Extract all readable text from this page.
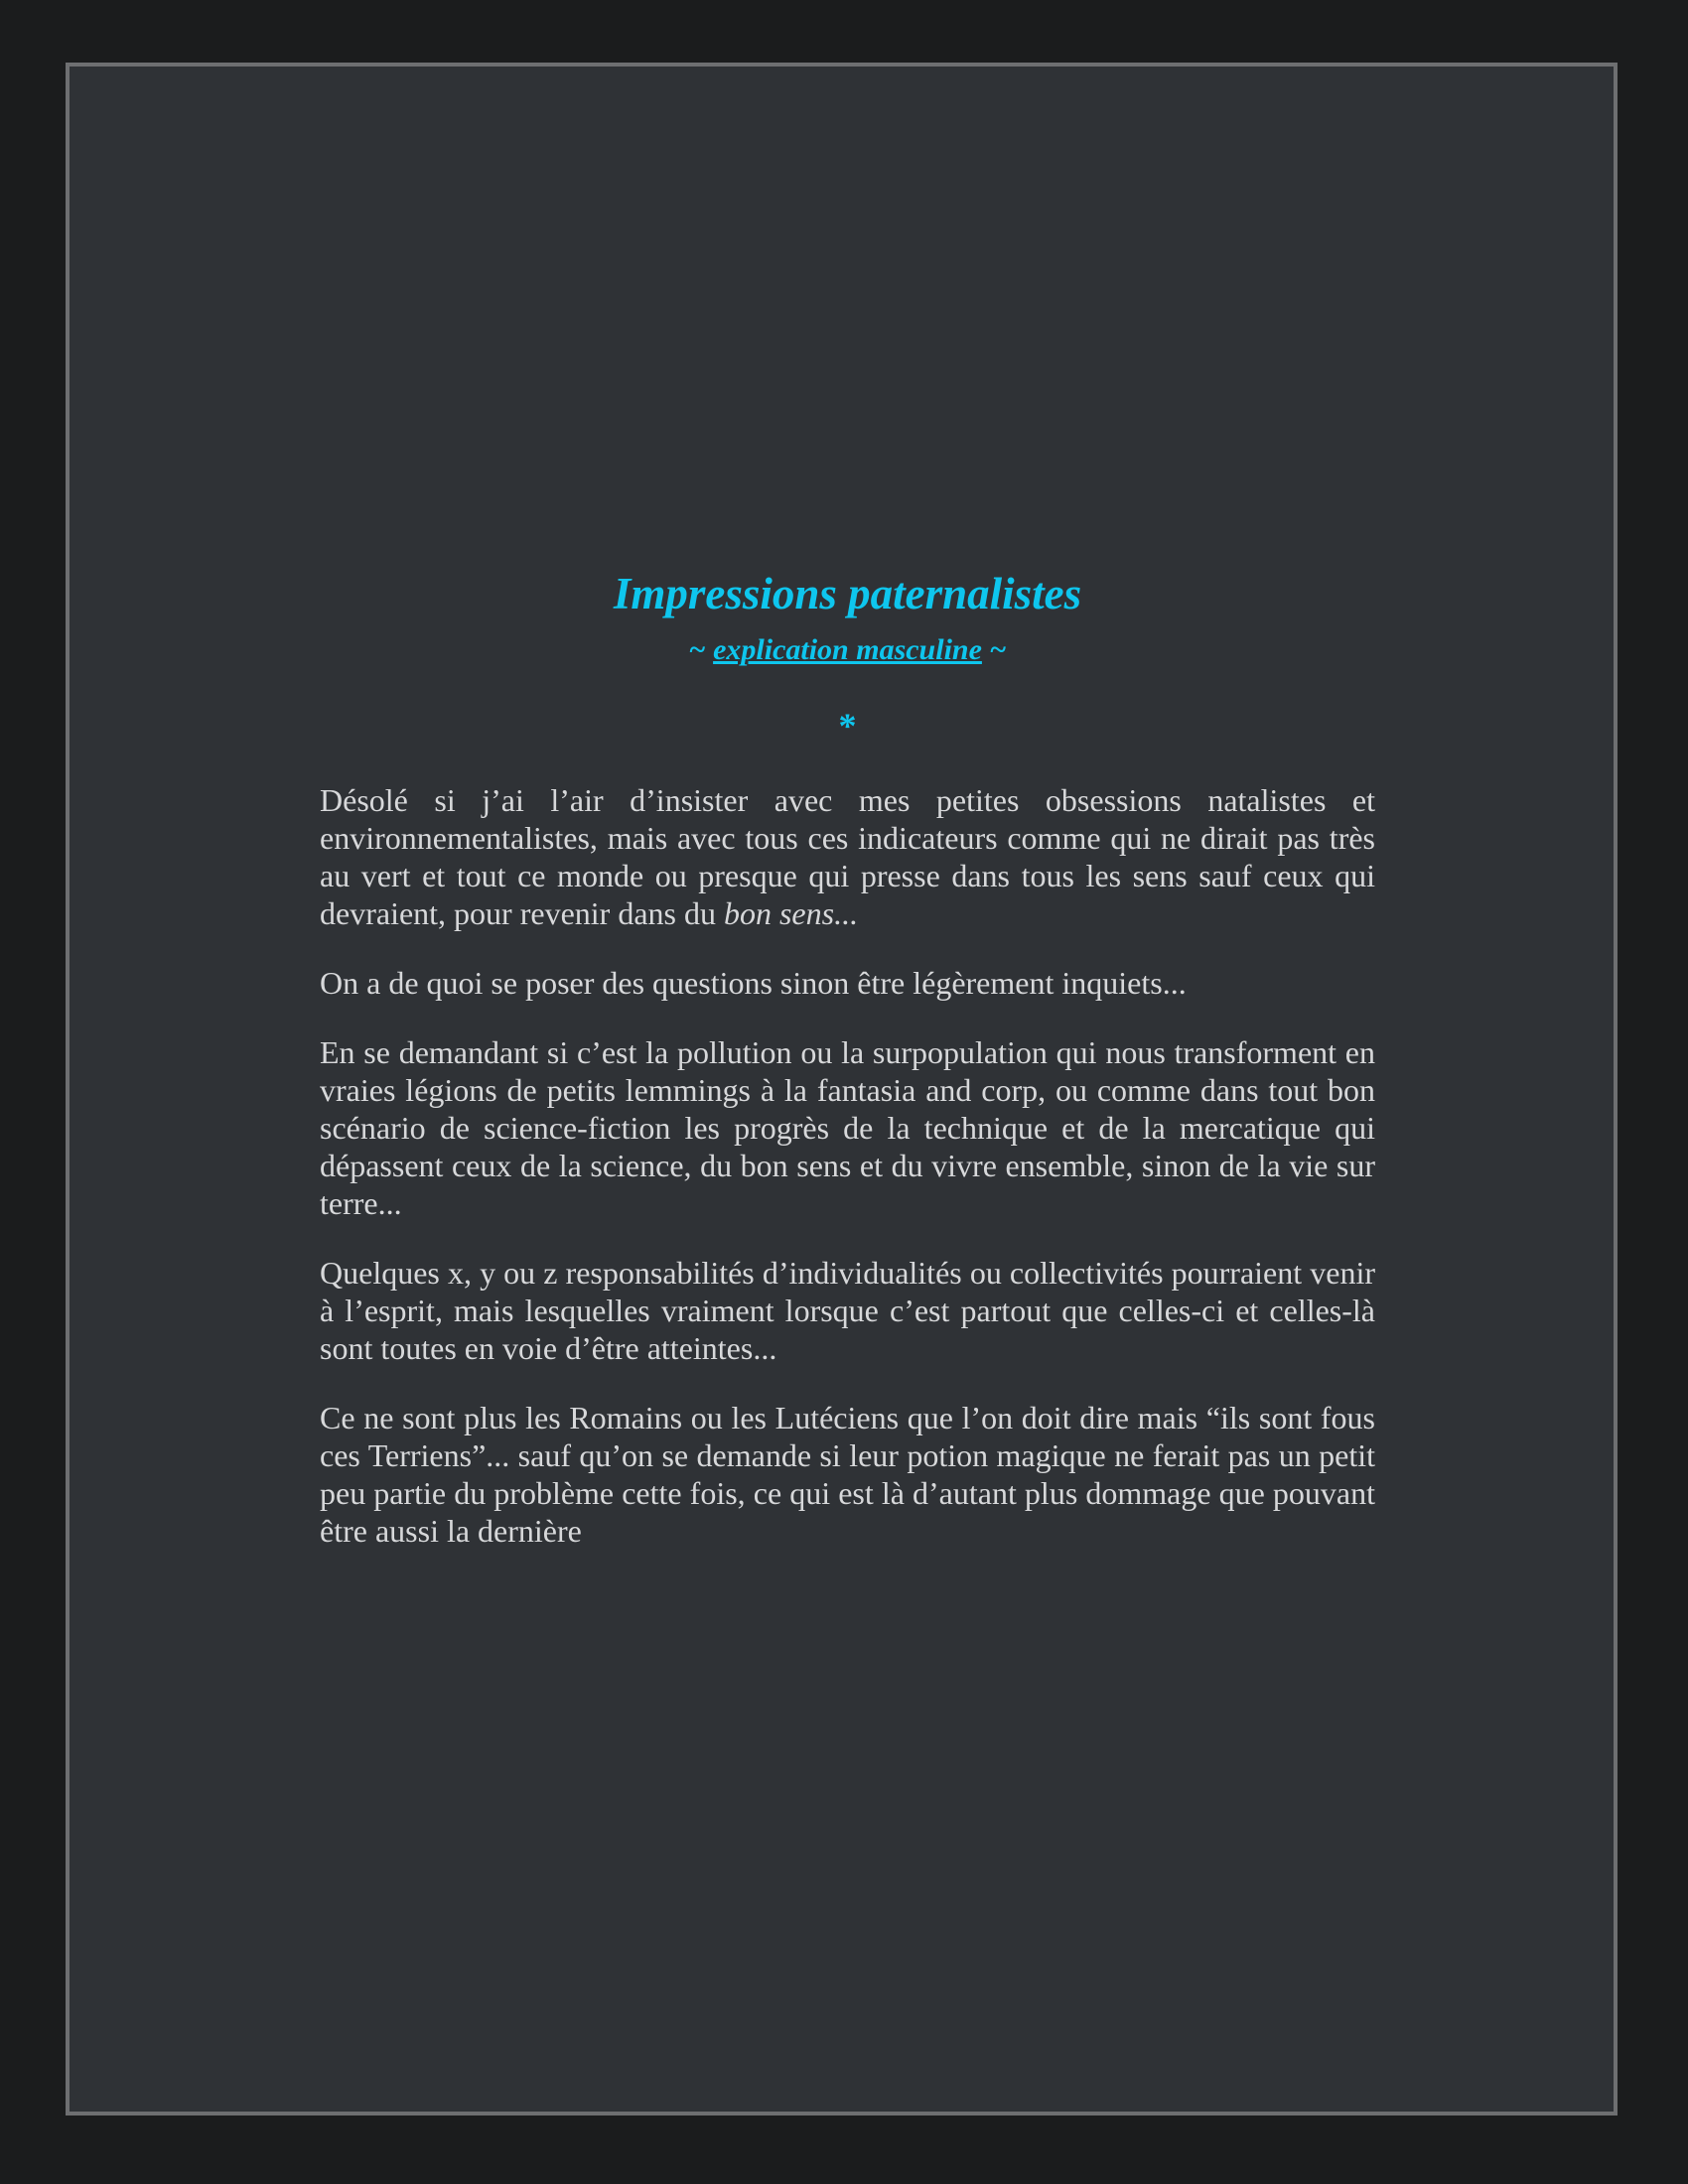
Impressions paternalistes
~ explication masculine ~
*

Désolé si j’ai l’air d’insister avec mes petites obsessions natalistes et environnementalistes, mais avec tous ces indicateurs comme qui ne dirait pas très au vert et tout ce monde ou presque qui presse dans tous les sens sauf ceux qui devraient, pour revenir dans du bon sens...

On a de quoi se poser des questions sinon être légèrement inquiets...

En se demandant si c’est la pollution ou la surpopulation qui nous transforment en vraies légions de petits lemmings à la fantasia and corp, ou comme dans tout bon scénario de science-fiction les progrès de la technique et de la mercatique qui dépassent ceux de la science, du bon sens et du vivre ensemble, sinon de la vie sur terre...

Quelques x, y ou z responsabilités d’individualités ou collectivités pourraient venir à l’esprit, mais lesquelles vraiment lorsque c’est partout que celles-ci et celles-là sont toutes en voie d’être atteintes...

Ce ne sont plus les Romains ou les Lutéciens que l’on doit dire mais “ils sont fous ces Terriens”... sauf qu’on se demande si leur potion magique ne ferait pas un petit peu partie du problème cette fois, ce qui est là d’autant plus dommage que pouvant être aussi la dernière
